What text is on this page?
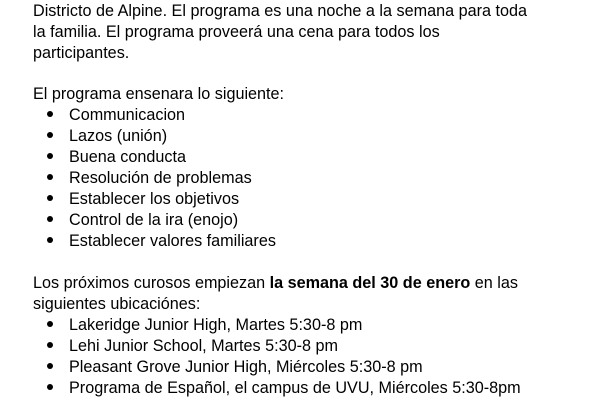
Districto de Alpine. El programa es una noche a la semana para toda
la familia. El programa proveerá una cena para todos los
participantes.

El programa ensenara lo siguiente:

Communicacion
Lazos (unión)
Buena conducta
Resolución de problemas
Establecer los objetivos
Control de la ira (enojo)
Establecer valores familiares

Los próximos curosos empiezan la semana del 30 de enero en las
siguientes ubicaciónes:

Lakeridge Junior High, Martes 5:30-8 pm
Lehi Junior School, Martes 5:30-8 pm
Pleasant Grove Junior High, Miércoles 5:30-8 pm
Programa de Español, el campus de UVU, Miércoles 5:30-8pm
